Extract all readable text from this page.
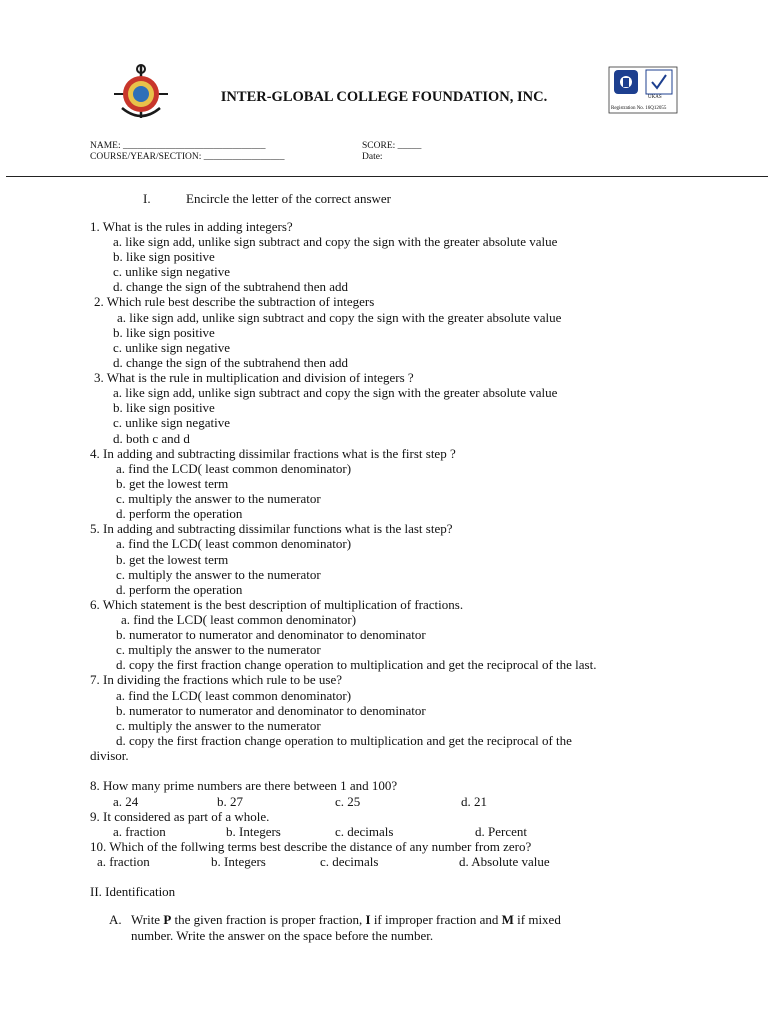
INTER-GLOBAL COLLEGE FOUNDATION, INC.	UKAS
Registration No. 16Q12055
NAME: ______________________________	SCORE: _____
COURSE/YEAR/SECTION: _________________	Date:
I.	Encircle the letter of the correct answer
1. What is the rules in adding integers?
a. like sign add, unlike sign subtract and copy the sign with the greater absolute value
b. like sign positive
c. unlike sign negative
d. change the sign of the subtrahend then add
2. Which rule best describe the subtraction of integers
a. like sign add, unlike sign subtract and copy the sign with the greater absolute value
b. like sign positive
c. unlike sign negative
d. change the sign of the subtrahend then add
3. What is the rule in multiplication and division of integers ?
a. like sign add, unlike sign subtract and copy the sign with the greater absolute value
b. like sign positive
c. unlike sign negative
d. both c and d
4. In adding and subtracting dissimilar fractions what is the first step ?
a. find the LCD( least common denominator)
b. get the lowest term
c. multiply the answer to the numerator
d. perform the operation
5. In adding and subtracting dissimilar functions what is the last step?
a. find the LCD( least common denominator)
b. get the lowest term
c. multiply the answer to the numerator
d. perform the operation
6. Which statement is the best description of multiplication of fractions.
a. find the LCD( least common denominator)
b. numerator to numerator and denominator to denominator
c. multiply the answer to the numerator
d. copy the first fraction change operation to multiplication and get the reciprocal of the last.
7. In dividing the fractions which rule to be use?
a. find the LCD( least common denominator)
b. numerator to numerator and denominator to denominator
c. multiply the answer to the numerator
d. copy the first fraction change operation to multiplication and get the reciprocal of the
divisor.
8. How many prime numbers are there between 1 and 100?
a. 24	b. 27	c. 25	d. 21
9. It considered as part of a whole.
a. fraction	b. Integers	c. decimals	d. Percent
10. Which of the follwing terms best describe the distance of any number from zero?
a. fraction	b. Integers	c. decimals	d. Absolute value
II. Identification
A. Write P the given fraction is proper fraction, I if improper fraction and M if mixed
number. Write the answer on the space before the number.
